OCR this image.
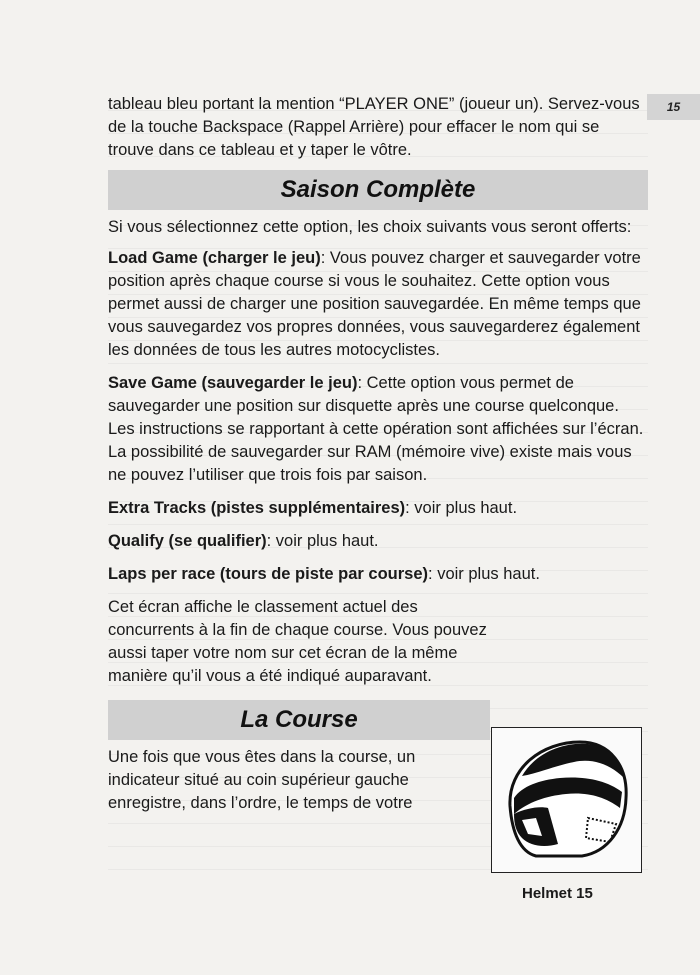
15

tableau bleu portant la mention “PLAYER ONE” (joueur un). Servez-vous de la touche Backspace (Rappel Arrière) pour effacer le nom qui se trouve dans ce tableau et y taper le vôtre.

Saison Complète

Si vous sélectionnez cette option, les choix suivants vous seront offerts:

Load Game (charger le jeu): Vous pouvez charger et sauvegarder votre position après chaque course si vous le souhaitez. Cette option vous permet aussi de charger une position sauvegardée. En même temps que vous sauvegardez vos propres données, vous sauvegarderez également les données de tous les autres motocyclistes.

Save Game (sauvegarder le jeu): Cette option vous permet de sauvegarder une position sur disquette après une course quelconque. Les instructions se rapportant à cette opération sont affichées sur l’écran. La possibilité de sauvegarder sur RAM (mémoire vive) existe mais vous ne pouvez l’utiliser que trois fois par saison.

Extra Tracks (pistes supplémentaires): voir plus haut.

Qualify (se qualifier): voir plus haut.

Laps per race (tours de piste par course): voir plus haut.

Cet écran affiche le classement actuel des concurrents à la fin de chaque course. Vous pouvez aussi taper votre nom sur cet écran de la même manière qu’il vous a été indiqué auparavant.

La Course

Une fois que vous êtes dans la course, un indicateur situé au coin supérieur gauche enregistre, dans l’ordre, le temps de votre

Helmet 15
